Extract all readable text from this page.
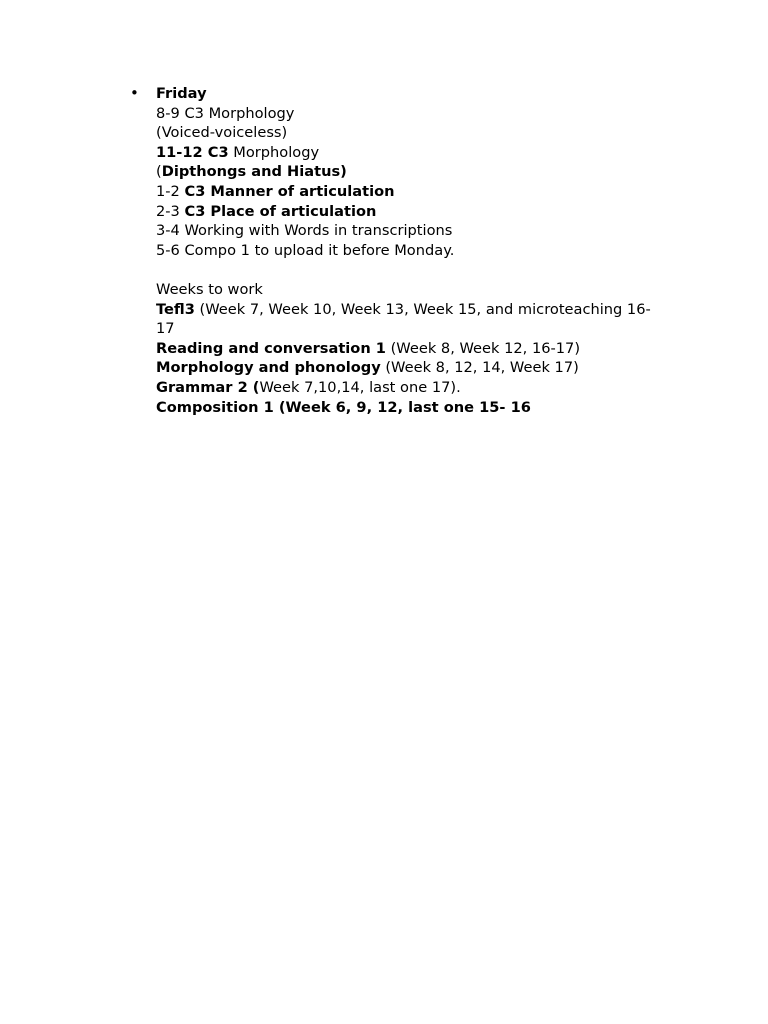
• Friday
8-9 C3 Morphology
(Voiced-voiceless)
11-12 C3 Morphology
(Dipthongs and Hiatus)
1-2 C3 Manner of articulation
2-3 C3 Place of articulation
3-4 Working with Words in transcriptions
5-6 Compo 1 to upload it before Monday.
Weeks to work
Tefl3 (Week 7, Week 10, Week 13, Week 15, and microteaching 16-17
Reading and conversation 1 (Week 8, Week 12, 16-17)
Morphology and phonology (Week 8, 12, 14, Week 17)
Grammar 2 (Week 7,10,14, last one 17).
Composition 1 (Week 6, 9, 12, last one 15- 16
